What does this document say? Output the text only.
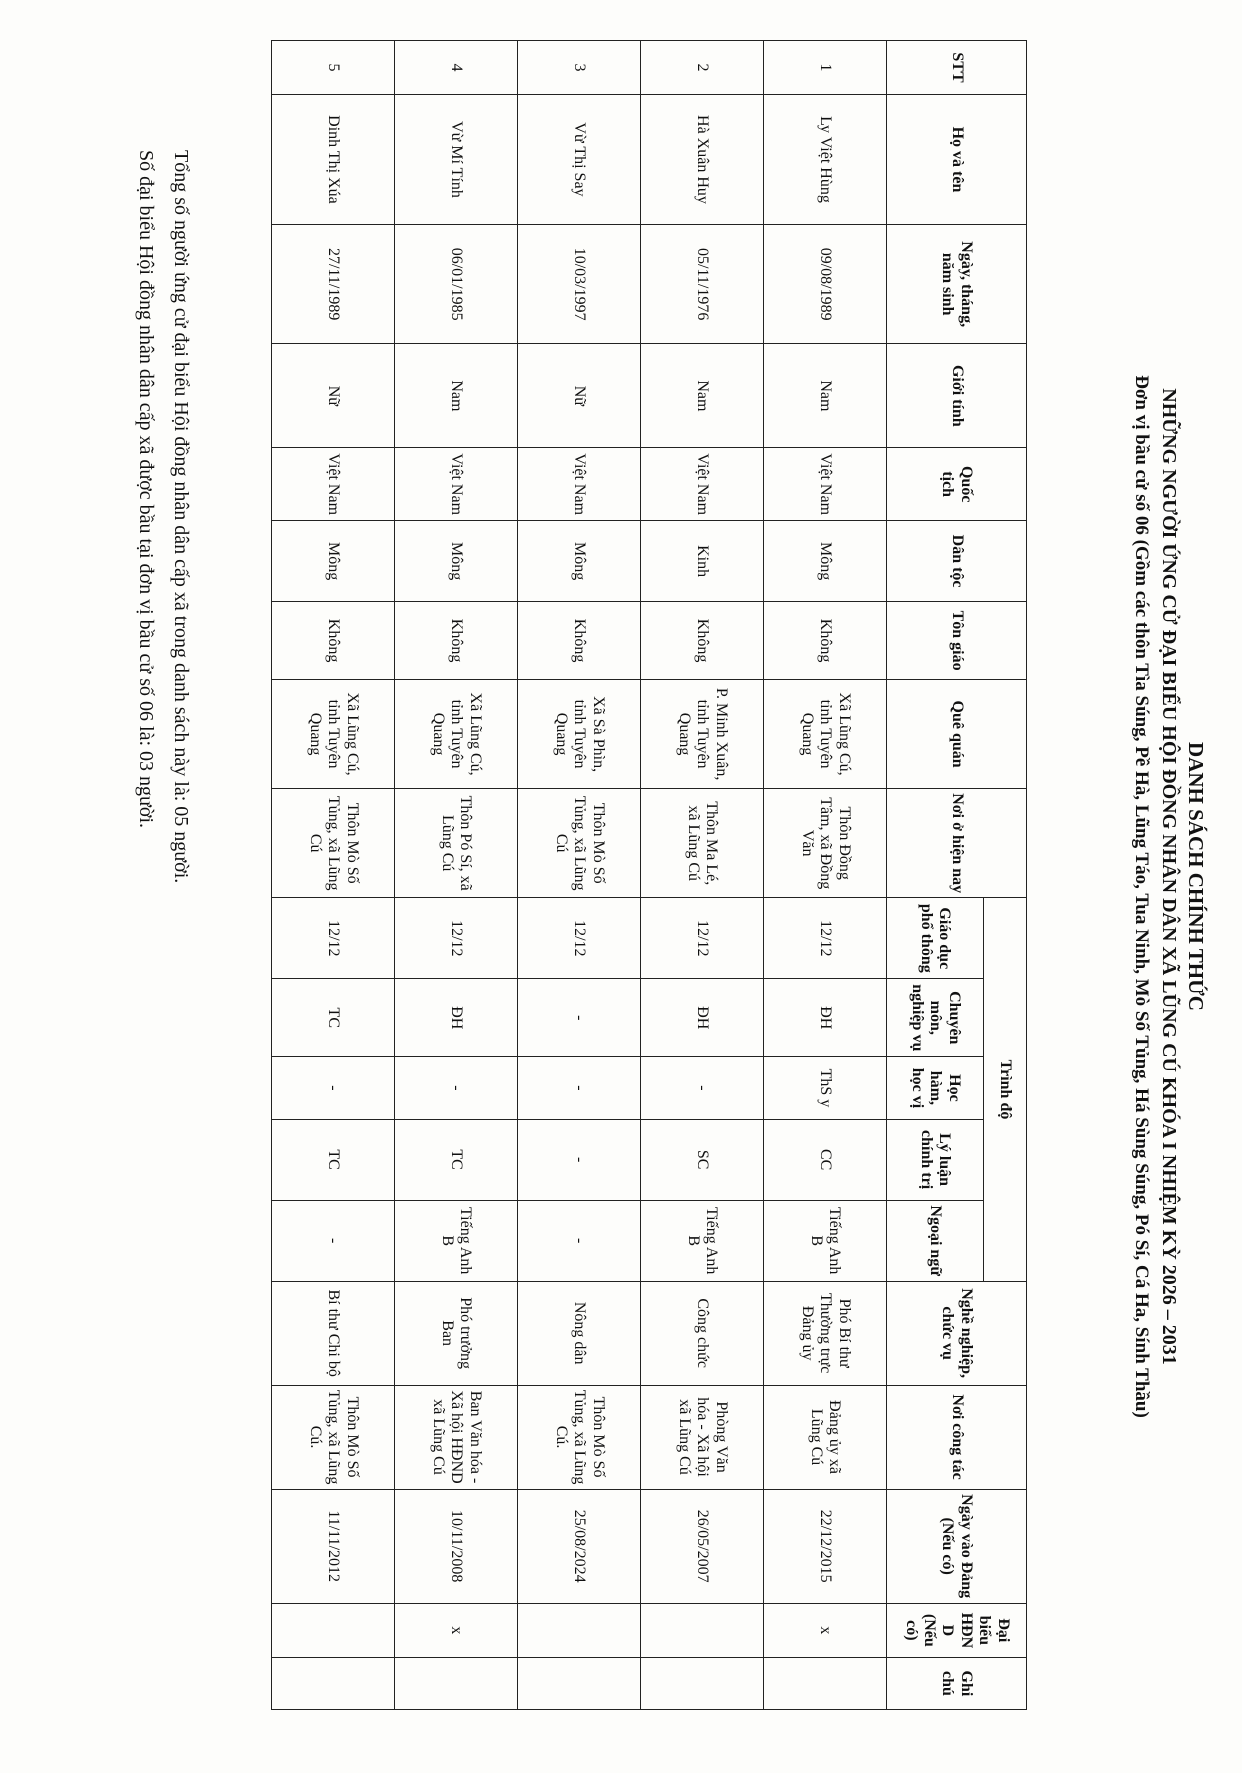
DANH SÁCH CHÍNH THỨC
NHỮNG NGƯỜI ỨNG CỬ ĐẠI BIỂU HỘI ĐỒNG NHÂN DÂN XÃ LŨNG CÚ KHÓA I NHIỆM KỲ 2026 – 2031
Đơn vị bầu cử số 06 (Gồm các thôn Tìa Súng, Pề Hà, Lũng Táo, Tua Ninh, Mò Số Tủng, Há Sùng Súng, Pó Sí, Cá Ha, Sính Thầu)
STT	Họ và tên	Ngày, tháng, năm sinh	Giới tính	Quốc tịch	Dân tộc	Tôn giáo	Quê quán	Nơi ở hiện nay	Trình độ					Nghề nghiệp, chức vụ	Nơi công tác	Ngày vào Đảng (Nếu có)	Đại biểu HĐND (Nếu có)	Ghi chú
									Giáo dục phổ thông	Chuyên môn, nghiệp vụ	Học hàm, học vị	Lý luận chính trị	Ngoại ngữ					
1	Ly Việt Hùng	09/08/1989	Nam	Việt Nam	Mông	Không	Xã Lũng Cú, tỉnh Tuyên Quang	Thôn Đồng Tâm, xã Đồng Văn	12/12	ĐH	ThS y	CC	Tiếng Anh B	Phó Bí thư Thường trực Đảng ủy	Đảng ủy xã Lũng Cú	22/12/2015	x	
2	Hà Xuân Huy	05/11/1976	Nam	Việt Nam	Kinh	Không	P. Minh Xuân, tỉnh Tuyên Quang	Thôn Ma Lé, xã Lũng Cú	12/12	ĐH	-	SC	Tiếng Anh B	Công chức	Phòng Văn hóa - Xã hội xã Lũng Cú	26/05/2007		
3	Vừ Thị Say	10/03/1997	Nữ	Việt Nam	Mông	Không	Xã Sà Phìn, tỉnh Tuyên Quang	Thôn Mò Số Tủng, xã Lũng Cú	12/12	-	-	-	-	Nông dân	Thôn Mò Số Tủng, xã Lũng Cú.	25/08/2024		
4	Vừ Mí Tính	06/01/1985	Nam	Việt Nam	Mông	Không	Xã Lũng Cú, tỉnh Tuyên Quang	Thôn Pó Sí, xã Lũng Cú	12/12	ĐH	-	TC	Tiếng Anh B	Phó trưởng Ban	Ban Văn hóa - Xã hội HĐND xã Lũng Cú	10/11/2008	x	
5	Dinh Thị Xúa	27/11/1989	Nữ	Việt Nam	Mông	Không	Xã Lũng Cú, tỉnh Tuyên Quang	Thôn Mò Số Tủng, xã Lũng Cú	12/12	TC	-	TC	-	Bí thư Chi bộ	Thôn Mò Số Tủng, xã Lũng Cú.	11/11/2012		
Tổng số người ứng cử đại biểu Hội đồng nhân dân cấp xã trong danh sách này là: 05 người.
Số đại biểu Hội đồng nhân dân cấp xã được bầu tại đơn vị bầu cử số 06 là: 03 người.
